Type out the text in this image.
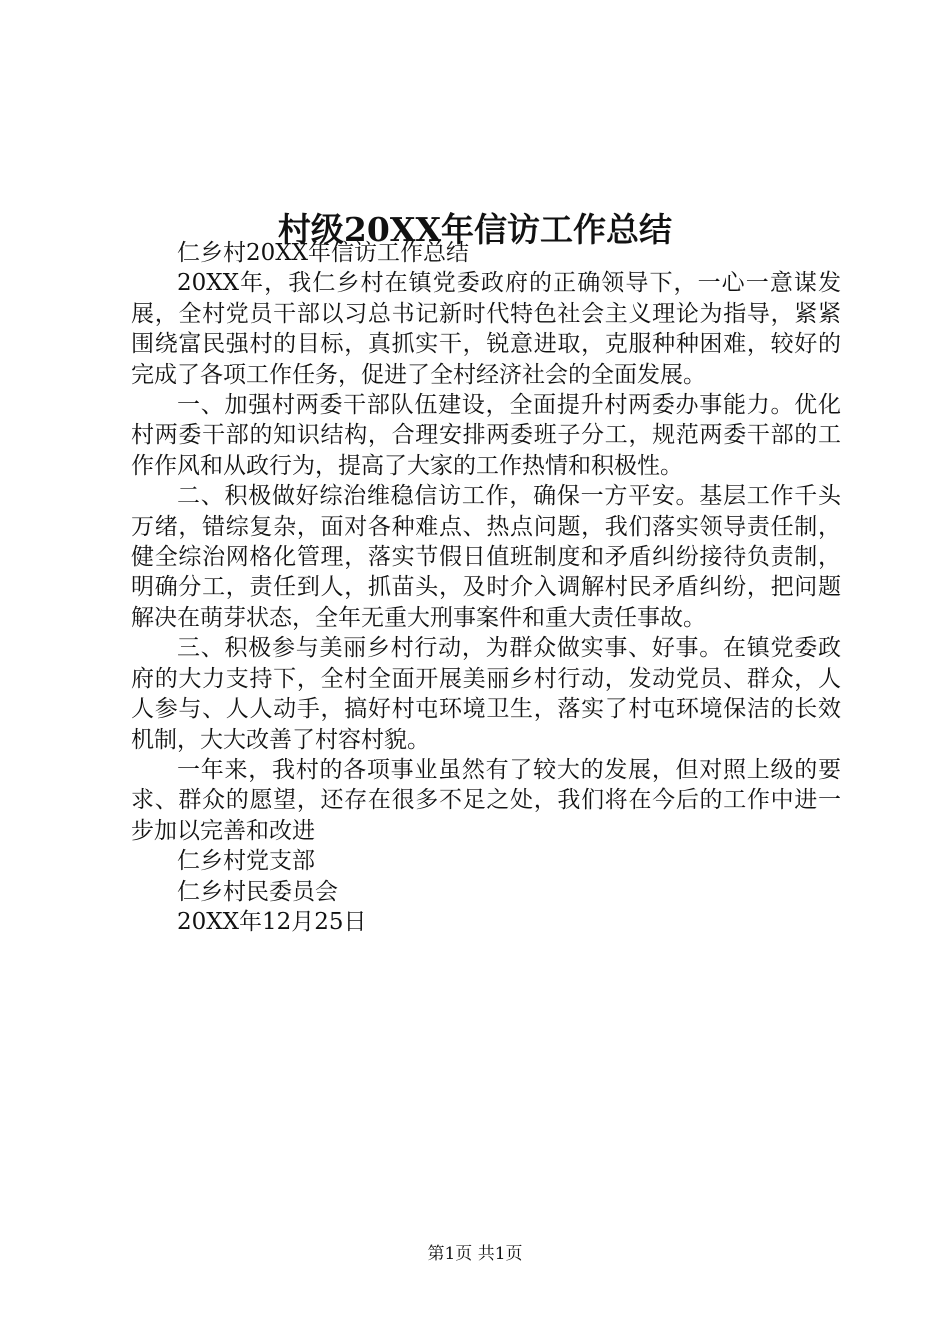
村级20XX年信访工作总结

仁乡村20XX年信访工作总结

20XX年，我仁乡村在镇党委政府的正确领导下，一心一意谋发展，全村党员干部以习总书记新时代特色社会主义理论为指导，紧紧围绕富民强村的目标，真抓实干，锐意进取，克服种种困难，较好的完成了各项工作任务，促进了全村经济社会的全面发展。

一、加强村两委干部队伍建设，全面提升村两委办事能力。优化村两委干部的知识结构，合理安排两委班子分工，规范两委干部的工作作风和从政行为，提高了大家的工作热情和积极性。

二、积极做好综治维稳信访工作，确保一方平安。基层工作千头万绪，错综复杂，面对各种难点、热点问题，我们落实领导责任制，健全综治网格化管理，落实节假日值班制度和矛盾纠纷接待负责制，明确分工，责任到人，抓苗头，及时介入调解村民矛盾纠纷，把问题解决在萌芽状态，全年无重大刑事案件和重大责任事故。

三、积极参与美丽乡村行动，为群众做实事、好事。在镇党委政府的大力支持下，全村全面开展美丽乡村行动，发动党员、群众，人人参与、人人动手，搞好村屯环境卫生，落实了村屯环境保洁的长效机制，大大改善了村容村貌。

一年来，我村的各项事业虽然有了较大的发展，但对照上级的要求、群众的愿望，还存在很多不足之处，我们将在今后的工作中进一步加以完善和改进

仁乡村党支部

仁乡村民委员会

20XX年12月25日

第1页 共1页
